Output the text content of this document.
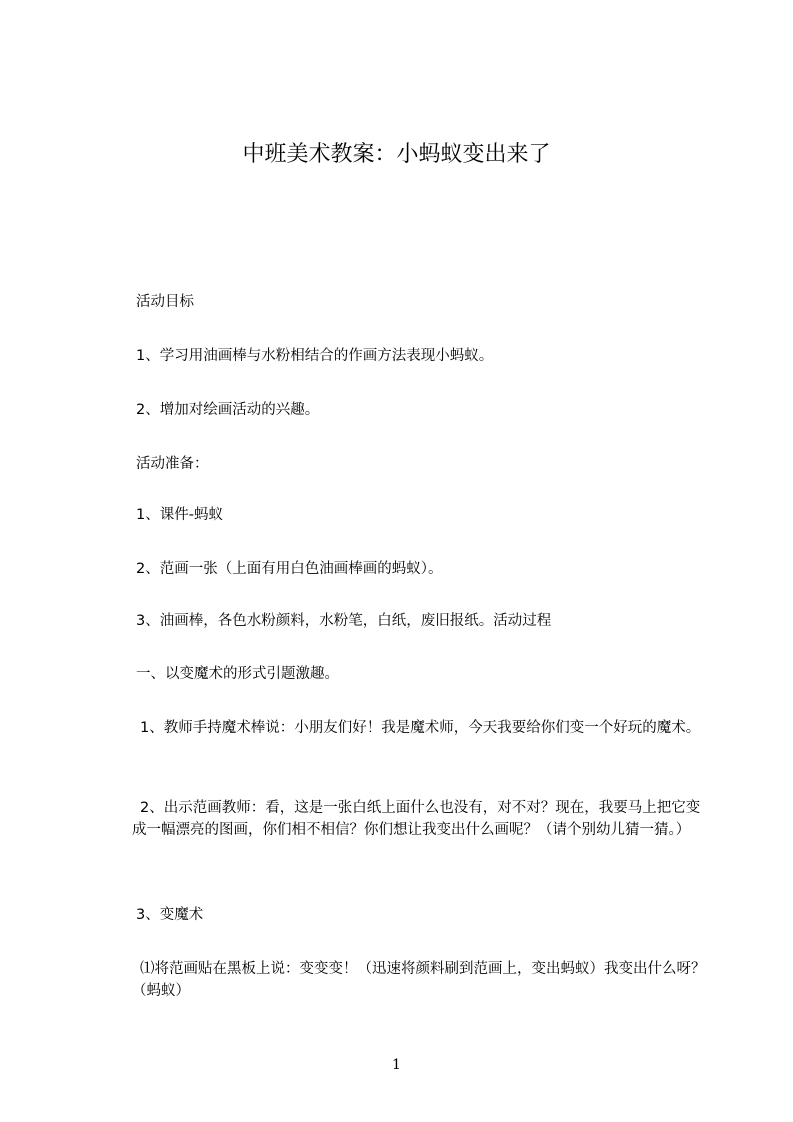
中班美术教案：小蚂蚁变出来了

活动目标

1、学习用油画棒与水粉相结合的作画方法表现小蚂蚁。

2、增加对绘画活动的兴趣。

活动准备：

1、课件-蚂蚁

2、范画一张（上面有用白色油画棒画的蚂蚁）。

3、油画棒，各色水粉颜料，水粉笔，白纸，废旧报纸。活动过程

一、以变魔术的形式引题激趣。

1、教师手持魔术棒说：小朋友们好！我是魔术师，今天我要给你们变一个好玩的魔术。

2、出示范画教师：看，这是一张白纸上面什么也没有，对不对？现在，我要马上把它变成一幅漂亮的图画，你们相不相信？你们想让我变出什么画呢？（请个别幼儿猜一猜。）

3、变魔术

⑴将范画贴在黑板上说：变变变！（迅速将颜料刷到范画上，变出蚂蚁）我变出什么呀？（蚂蚁）

1
